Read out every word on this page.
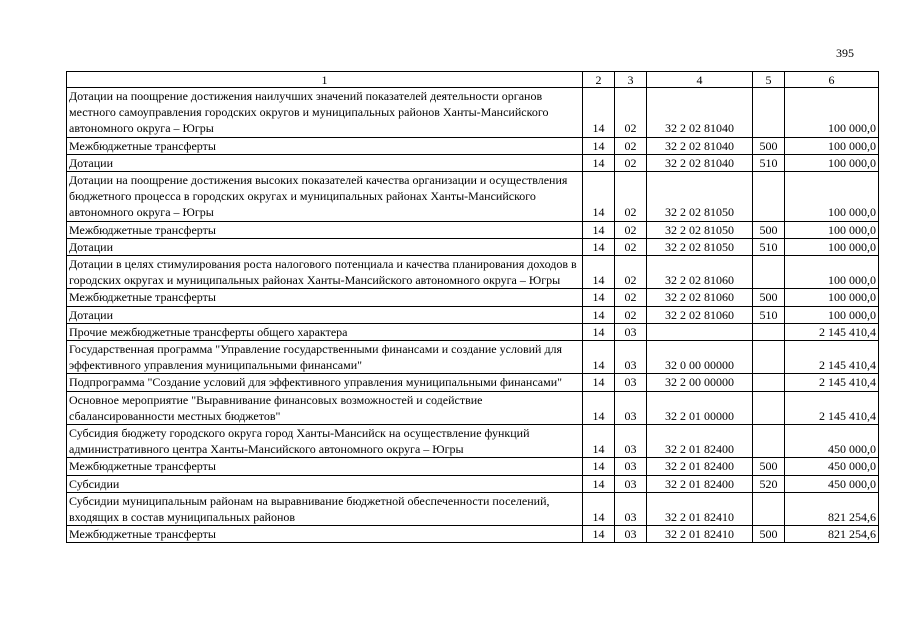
395
1	2	3	4	5	6
Дотации на поощрение достижения наилучших значений показателей деятельности органов местного самоуправления городских округов и муниципальных районов Ханты-Мансийского автономного округа – Югры	14	02	32 2 02 81040		100 000,0
Межбюджетные трансферты	14	02	32 2 02 81040	500	100 000,0
Дотации	14	02	32 2 02 81040	510	100 000,0
Дотации на поощрение достижения высоких показателей качества организации и осуществления бюджетного процесса в городских округах и муниципальных районах Ханты-Мансийского автономного округа – Югры	14	02	32 2 02 81050		100 000,0
Межбюджетные трансферты	14	02	32 2 02 81050	500	100 000,0
Дотации	14	02	32 2 02 81050	510	100 000,0
Дотации в целях стимулирования роста налогового потенциала и качества планирования доходов в городских округах и муниципальных районах Ханты-Мансийского автономного округа – Югры	14	02	32 2 02 81060		100 000,0
Межбюджетные трансферты	14	02	32 2 02 81060	500	100 000,0
Дотации	14	02	32 2 02 81060	510	100 000,0
Прочие межбюджетные трансферты общего характера	14	03			2 145 410,4
Государственная программа "Управление государственными финансами и создание условий для эффективного управления муниципальными финансами"	14	03	32 0 00 00000		2 145 410,4
Подпрограмма "Создание условий для эффективного управления муниципальными финансами"	14	03	32 2 00 00000		2 145 410,4
Основное мероприятие "Выравнивание финансовых возможностей и содействие сбалансированности местных бюджетов"	14	03	32 2 01 00000		2 145 410,4
Субсидия бюджету городского округа город Ханты-Мансийск на осуществление функций административного центра Ханты-Мансийского автономного округа – Югры	14	03	32 2 01 82400		450 000,0
Межбюджетные трансферты	14	03	32 2 01 82400	500	450 000,0
Субсидии	14	03	32 2 01 82400	520	450 000,0
Субсидии муниципальным районам на выравнивание бюджетной обеспеченности поселений, входящих в состав муниципальных районов	14	03	32 2 01 82410		821 254,6
Межбюджетные трансферты	14	03	32 2 01 82410	500	821 254,6
